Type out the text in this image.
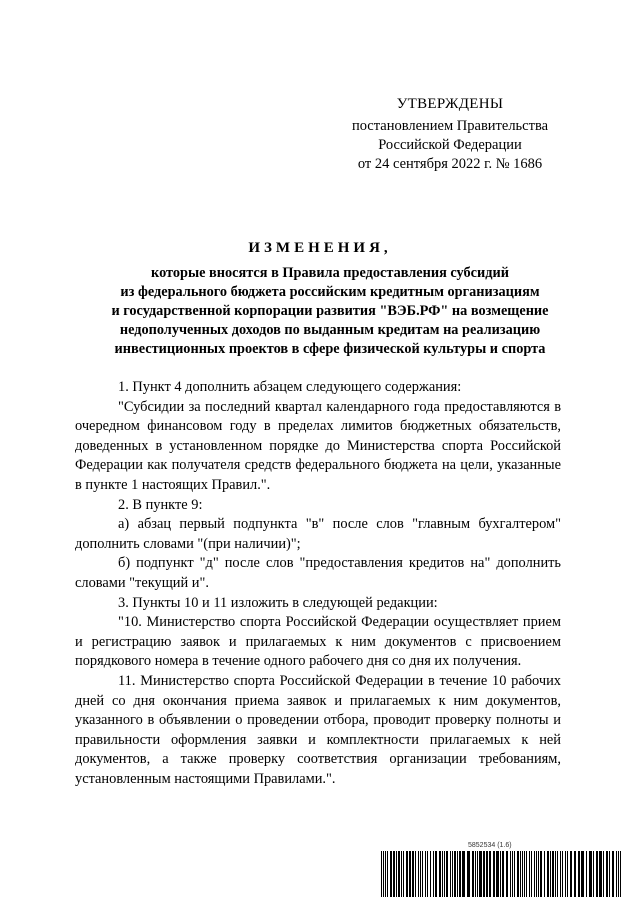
УТВЕРЖДЕНЫ
постановлением Правительства
Российской Федерации
от 24 сентября 2022 г. № 1686
ИЗМЕНЕНИЯ,
которые вносятся в Правила предоставления субсидий
из федерального бюджета российским кредитным организациям
и государственной корпорации развития "ВЭБ.РФ" на возмещение
недополученных доходов по выданным кредитам на реализацию
инвестиционных проектов в сфере физической культуры и спорта

1. Пункт 4 дополнить абзацем следующего содержания:

"Субсидии за последний квартал календарного года предоставляются в очередном финансовом году в пределах лимитов бюджетных обязательств, доведенных в установленном порядке до Министерства спорта Российской Федерации как получателя средств федерального бюджета на цели, указанные в пункте 1 настоящих Правил.".

2. В пункте 9:

а) абзац первый подпункта "в" после слов "главным бухгалтером" дополнить словами "(при наличии)";

б) подпункт "д" после слов "предоставления кредитов на" дополнить словами "текущий и".

3. Пункты 10 и 11 изложить в следующей редакции:

"10. Министерство спорта Российской Федерации осуществляет прием и регистрацию заявок и прилагаемых к ним документов с присвоением порядкового номера в течение одного рабочего дня со дня их получения.

11. Министерство спорта Российской Федерации в течение 10 рабочих дней со дня окончания приема заявок и прилагаемых к ним документов, указанного в объявлении о проведении отбора, проводит проверку полноты и правильности оформления заявки и комплектности прилагаемых к ней документов, а также проверку соответствия организации требованиям, установленным настоящими Правилами.".

5852534 (1.6)
